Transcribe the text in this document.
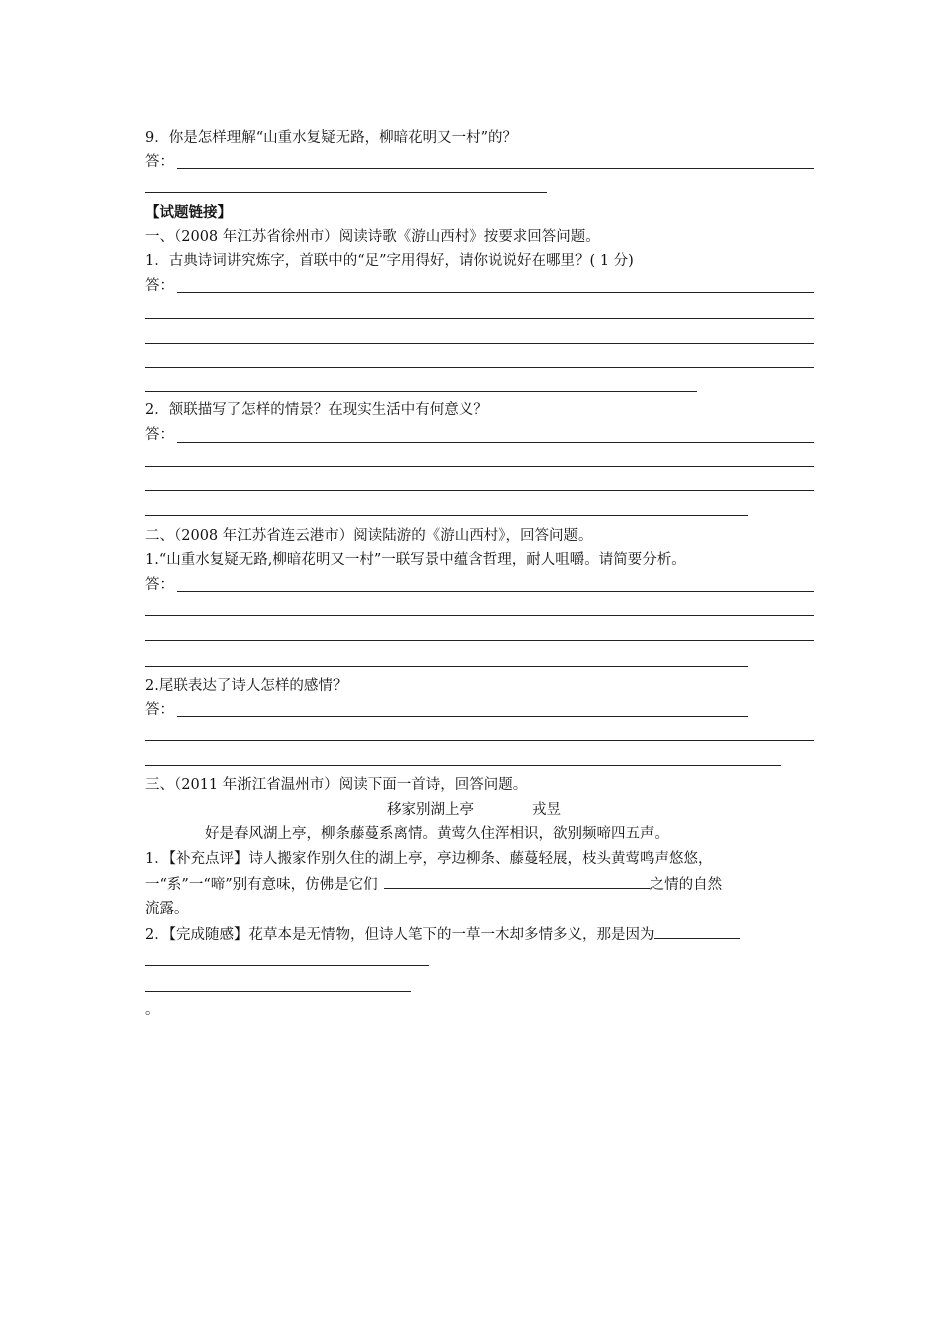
9．你是怎样理解“山重水复疑无路，柳暗花明又一村”的？
答：
【试题链接】
一、（2008 年江苏省徐州市）阅读诗歌《游山西村》按要求回答问题。
1．古典诗词讲究炼字，首联中的“足”字用得好，请你说说好在哪里？( 1 分)
答：
2．颔联描写了怎样的情景？在现实生活中有何意义？
答：
二、（2008 年江苏省连云港市）阅读陆游的《游山西村》，回答问题。
1.“山重水复疑无路,柳暗花明又一村”一联写景中蕴含哲理，耐人咀嚼。请简要分析。
答：
2.尾联表达了诗人怎样的感情？
答：
三、（2011 年浙江省温州市）阅读下面一首诗，回答问题。
移家别湖上亭	戎昱
好是春风湖上亭，柳条藤蔓系离情。黄莺久住浑相识，欲别频啼四五声。
1．【补充点评】诗人搬家作别久住的湖上亭，亭边柳条、藤蔓轻展，枝头黄莺鸣声悠悠，
一“系”一“啼”别有意味，仿佛是它们	之情的自然
流露。
2．【完成随感】花草本是无情物，但诗人笔下的一草一木却多情多义，那是因为
。
